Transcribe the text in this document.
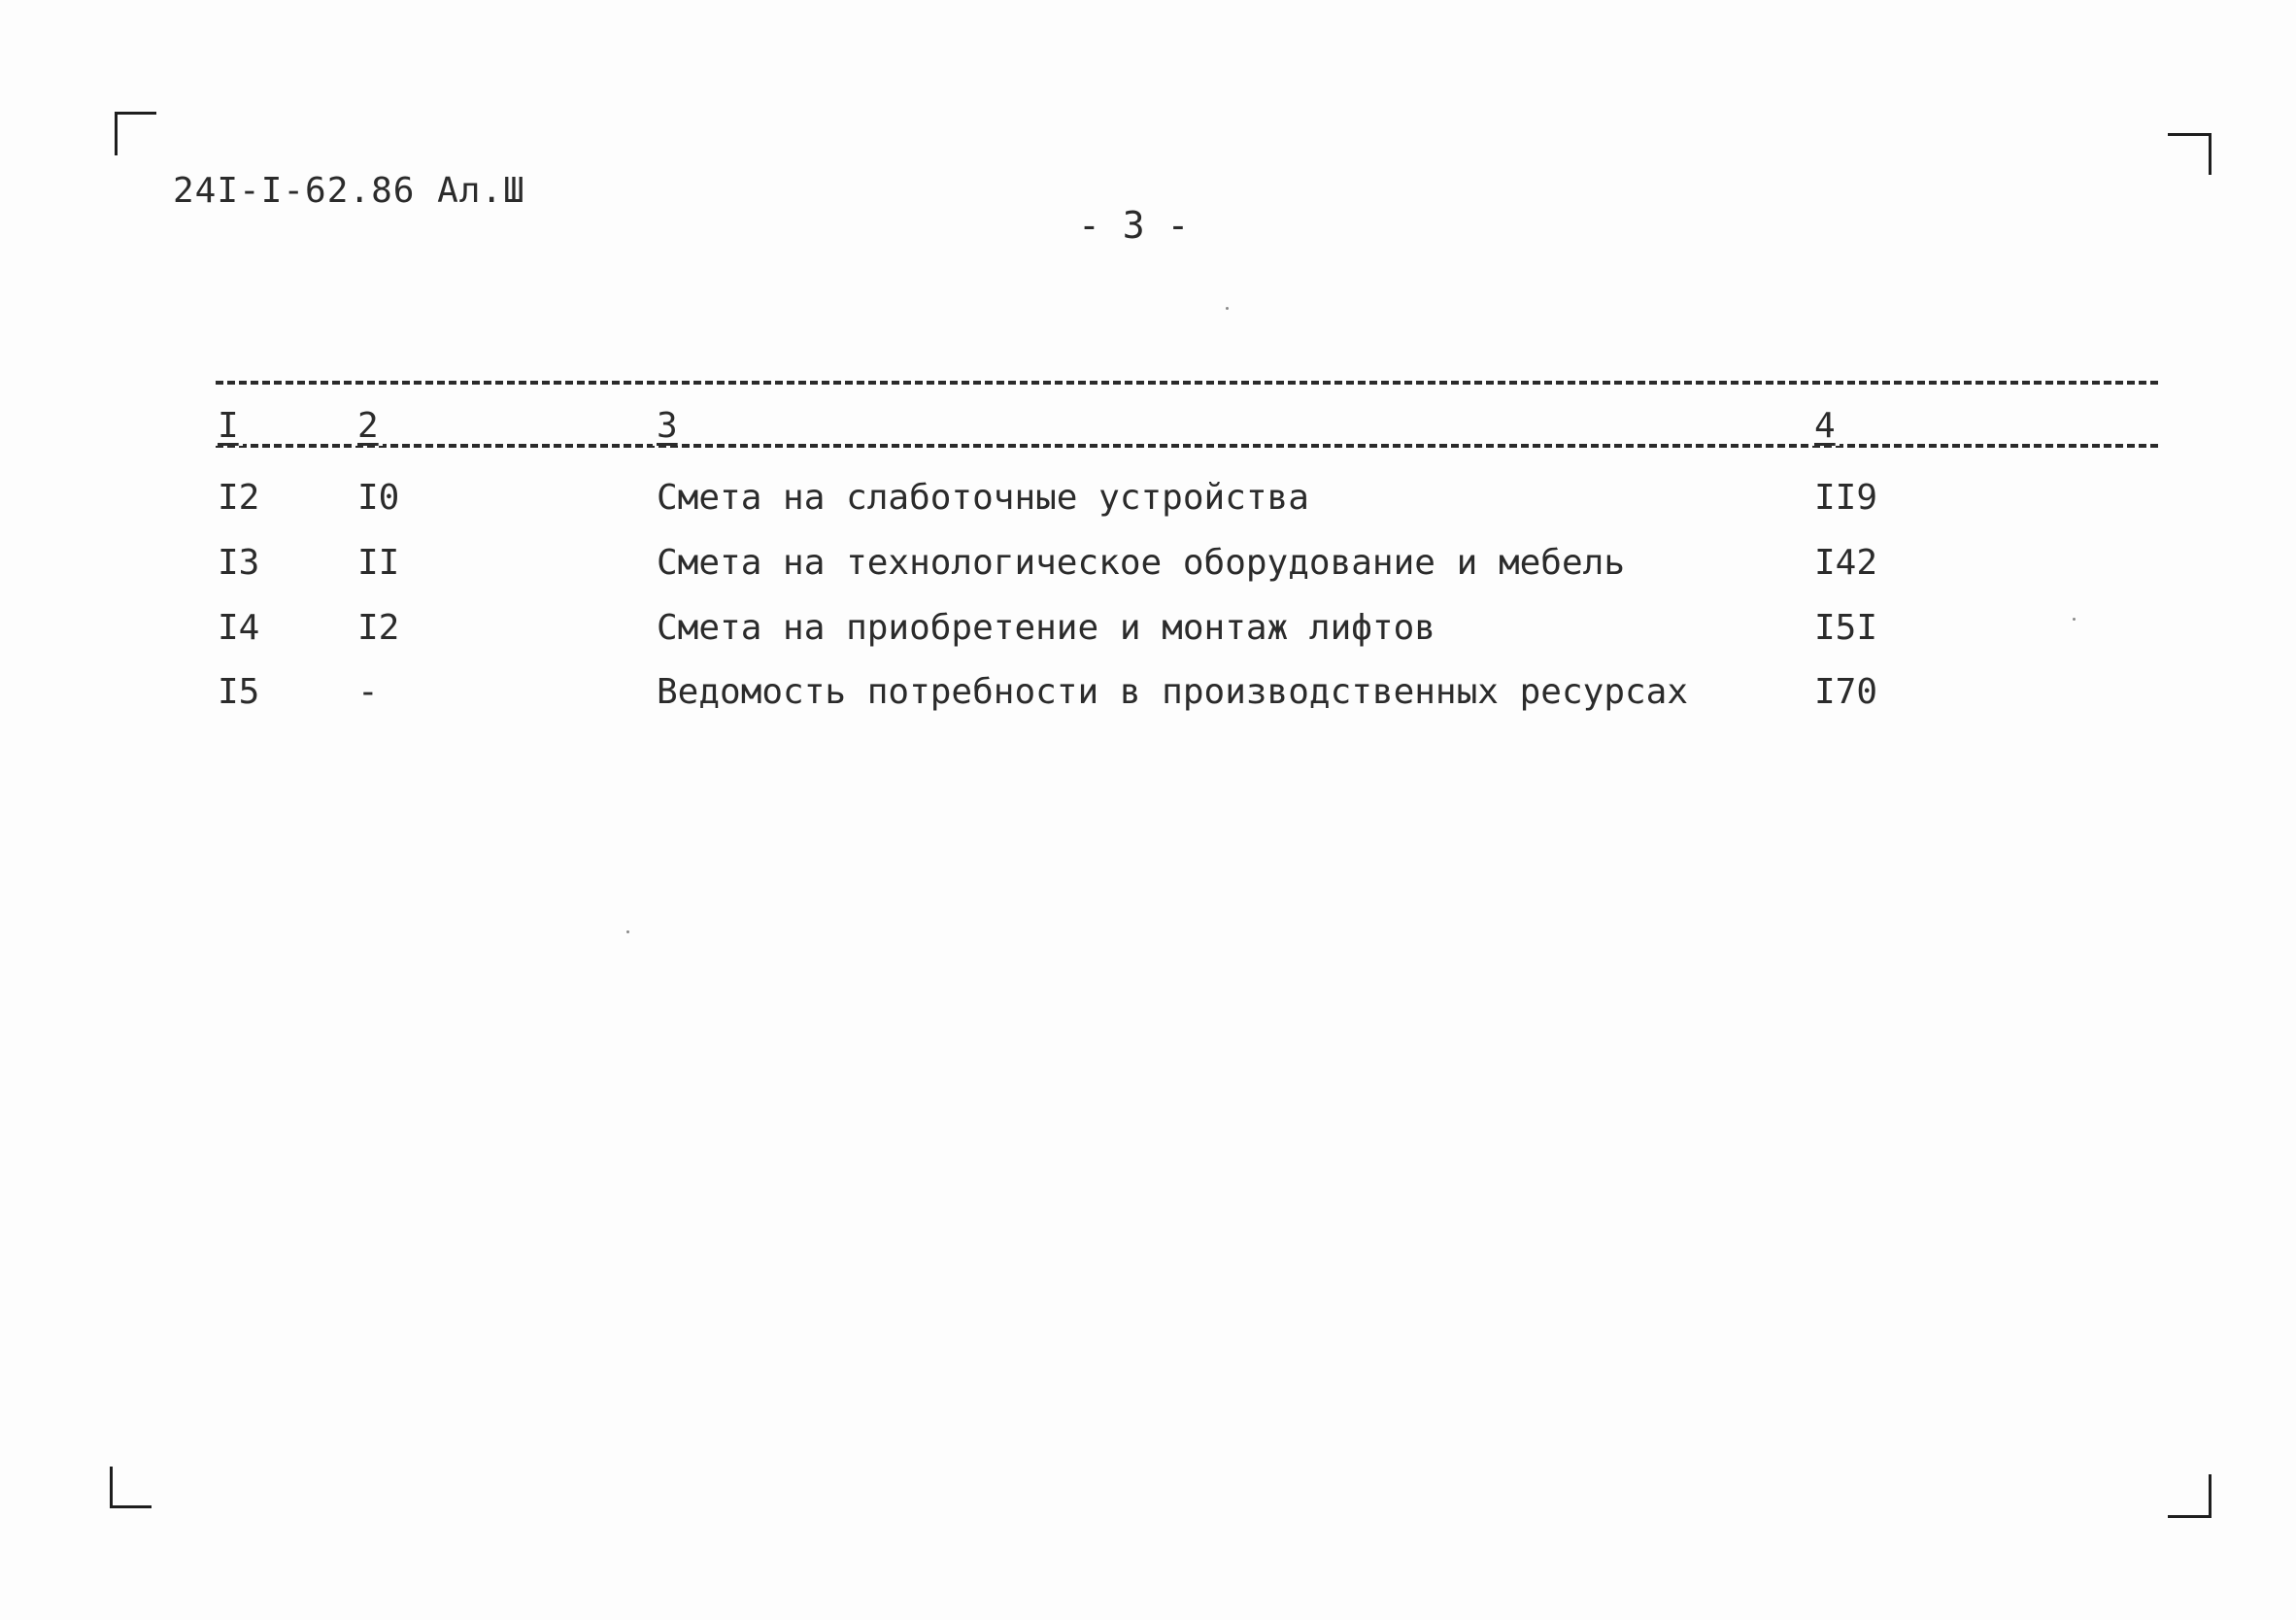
24I-I-62.86 Ал.Ш
- 3 -
I	2	3	4
I2	I0	Смета на слаботочные устройства	II9
I3	II	Смета на технологическое оборудование и мебель	I42
I4	I2	Смета на приобретение и монтаж лифтов	I5I
I5	-	Ведомость потребности в производственных ресурсах	I70
